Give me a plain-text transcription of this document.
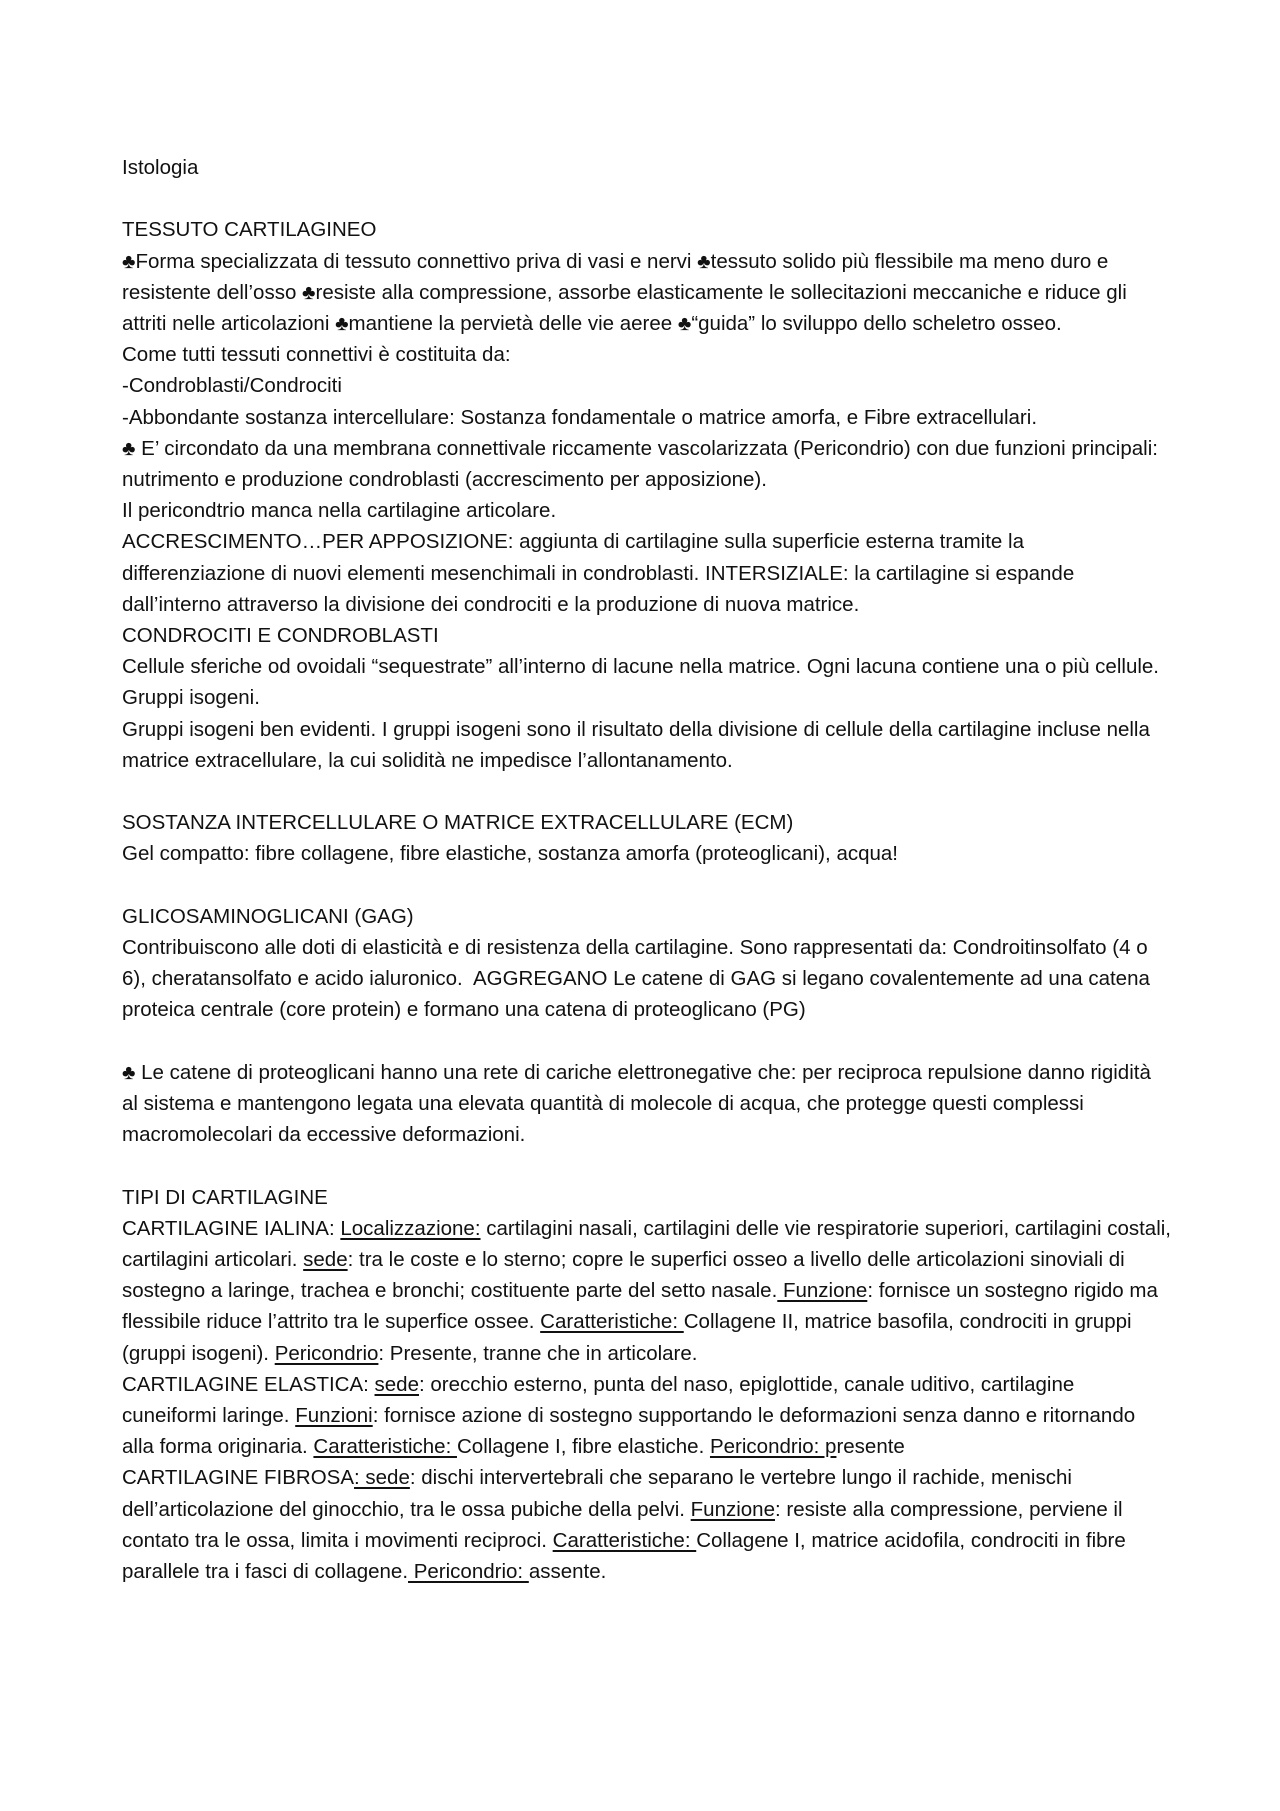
Istologia

TESSUTO CARTILAGINEO

♣Forma specializzata di tessuto connettivo priva di vasi e nervi ♣tessuto solido più flessibile ma meno duro e resistente dell’osso ♣resiste alla compressione, assorbe elasticamente le sollecitazioni meccaniche e riduce gli attriti nelle articolazioni ♣mantiene la pervietà delle vie aeree ♣“guida” lo sviluppo dello scheletro osseo.

Come tutti tessuti connettivi è costituita da:

-Condroblasti/Condrociti

-Abbondante sostanza intercellulare: Sostanza fondamentale o matrice amorfa, e Fibre extracellulari.

♣ E’ circondato da una membrana connettivale riccamente vascolarizzata (Pericondrio) con due funzioni principali: nutrimento e produzione condroblasti (accrescimento per apposizione).

Il pericondtrio manca nella cartilagine articolare.

ACCRESCIMENTO…PER APPOSIZIONE: aggiunta di cartilagine sulla superficie esterna tramite la differenziazione di nuovi elementi mesenchimali in condroblasti. INTERSIZIALE: la cartilagine si espande dall’interno attraverso la divisione dei condrociti e la produzione di nuova matrice.

CONDROCITI E CONDROBLASTI

Cellule sferiche od ovoidali “sequestrate” all’interno di lacune nella matrice. Ogni lacuna contiene una o più cellule. Gruppi isogeni.

Gruppi isogeni ben evidenti. I gruppi isogeni sono il risultato della divisione di cellule della cartilagine incluse nella matrice extracellulare, la cui solidità ne impedisce l’allontanamento.

SOSTANZA INTERCELLULARE O MATRICE EXTRACELLULARE (ECM)

Gel compatto: fibre collagene, fibre elastiche, sostanza amorfa (proteoglicani), acqua!

GLICOSAMINOGLICANI (GAG)

Contribuiscono alle doti di elasticità e di resistenza della cartilagine. Sono rappresentati da: Condroitinsolfato (4 o 6), cheratansolfato e acido ialuronico.  AGGREGANO Le catene di GAG si legano covalentemente ad una catena proteica centrale (core protein) e formano una catena di proteoglicano (PG)

♣ Le catene di proteoglicani hanno una rete di cariche elettronegative che: per reciproca repulsione danno rigidità al sistema e mantengono legata una elevata quantità di molecole di acqua, che protegge questi complessi macromolecolari da eccessive deformazioni.

TIPI DI CARTILAGINE

CARTILAGINE IALINA: Localizzazione: cartilagini nasali, cartilagini delle vie respiratorie superiori, cartilagini costali, cartilagini articolari. sede: tra le coste e lo sterno; copre le superfici osseo a livello delle articolazioni sinoviali di sostegno a laringe, trachea e bronchi; costituente parte del setto nasale. Funzione: fornisce un sostegno rigido ma flessibile riduce l’attrito tra le superfice ossee. Caratteristiche: Collagene II, matrice basofila, condrociti in gruppi (gruppi isogeni). Pericondrio: Presente, tranne che in articolare.

CARTILAGINE ELASTICA: sede: orecchio esterno, punta del naso, epiglottide, canale uditivo, cartilagine cuneiformi laringe. Funzioni: fornisce azione di sostegno supportando le deformazioni senza danno e ritornando alla forma originaria. Caratteristiche: Collagene I, fibre elastiche. Pericondrio: presente

CARTILAGINE FIBROSA: sede: dischi intervertebrali che separano le vertebre lungo il rachide, menischi dell’articolazione del ginocchio, tra le ossa pubiche della pelvi. Funzione: resiste alla compressione, perviene il contato tra le ossa, limita i movimenti reciproci. Caratteristiche: Collagene I, matrice acidofila, condrociti in fibre parallele tra i fasci di collagene. Pericondrio: assente.
